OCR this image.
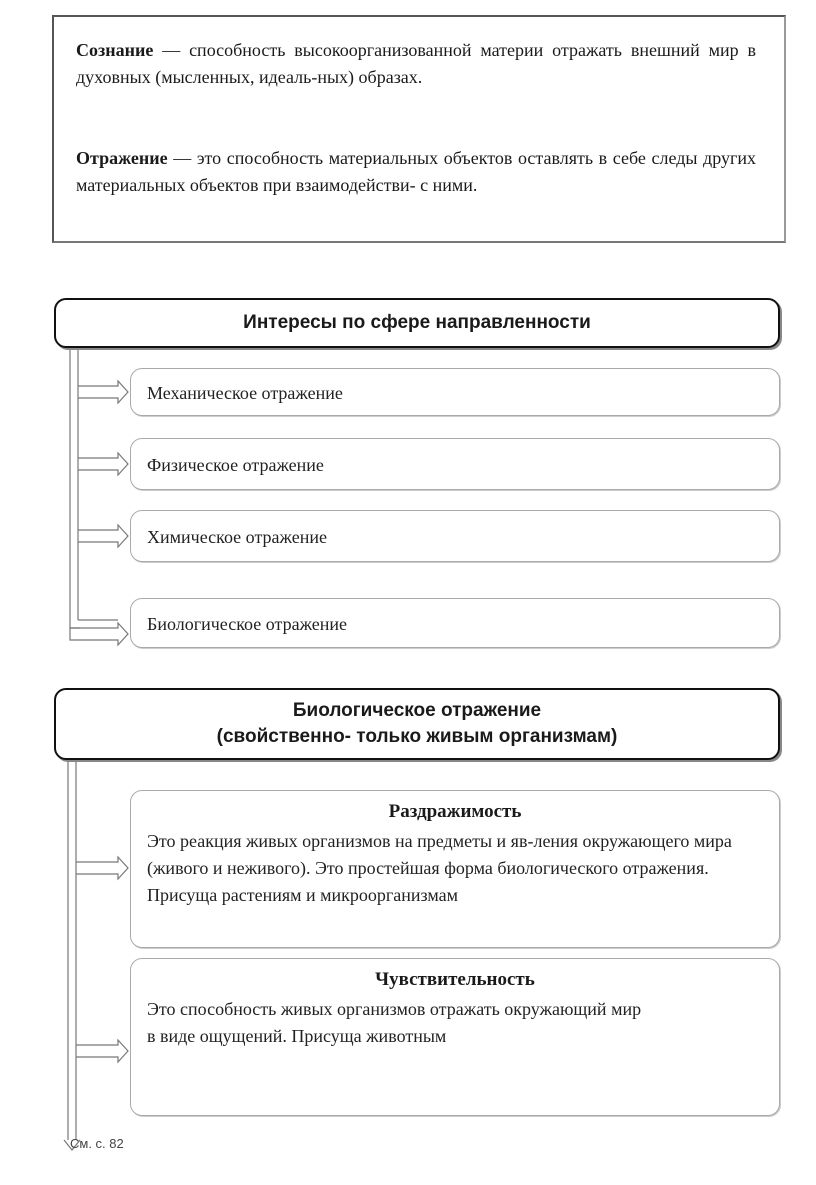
Сознание — способность высокоорганизованной материи отражать внешний мир в духовных (мысленных, идеаль-ных) образах.
Отражение — это способность материальных объектов оставлять в себе следы других материальных объектов при взаимодействи- с ними.
Интересы по сфере направленности
Механическое отражение
Физическое отражение
Химическое отражение
Биологическое отражение
Биологическое отражение
(свойственно- только живым организмам)
Раздражимость
Это реакция живых организмов на предметы и яв-ления окружающего мира (живого и неживого). Это простейшая форма биологического отражения. Присуща растениям и микроорганизмам
Чувствительность
Это способность живых организмов отражать окружающий мир в виде ощущений. Присуща животным
См. с. 82
